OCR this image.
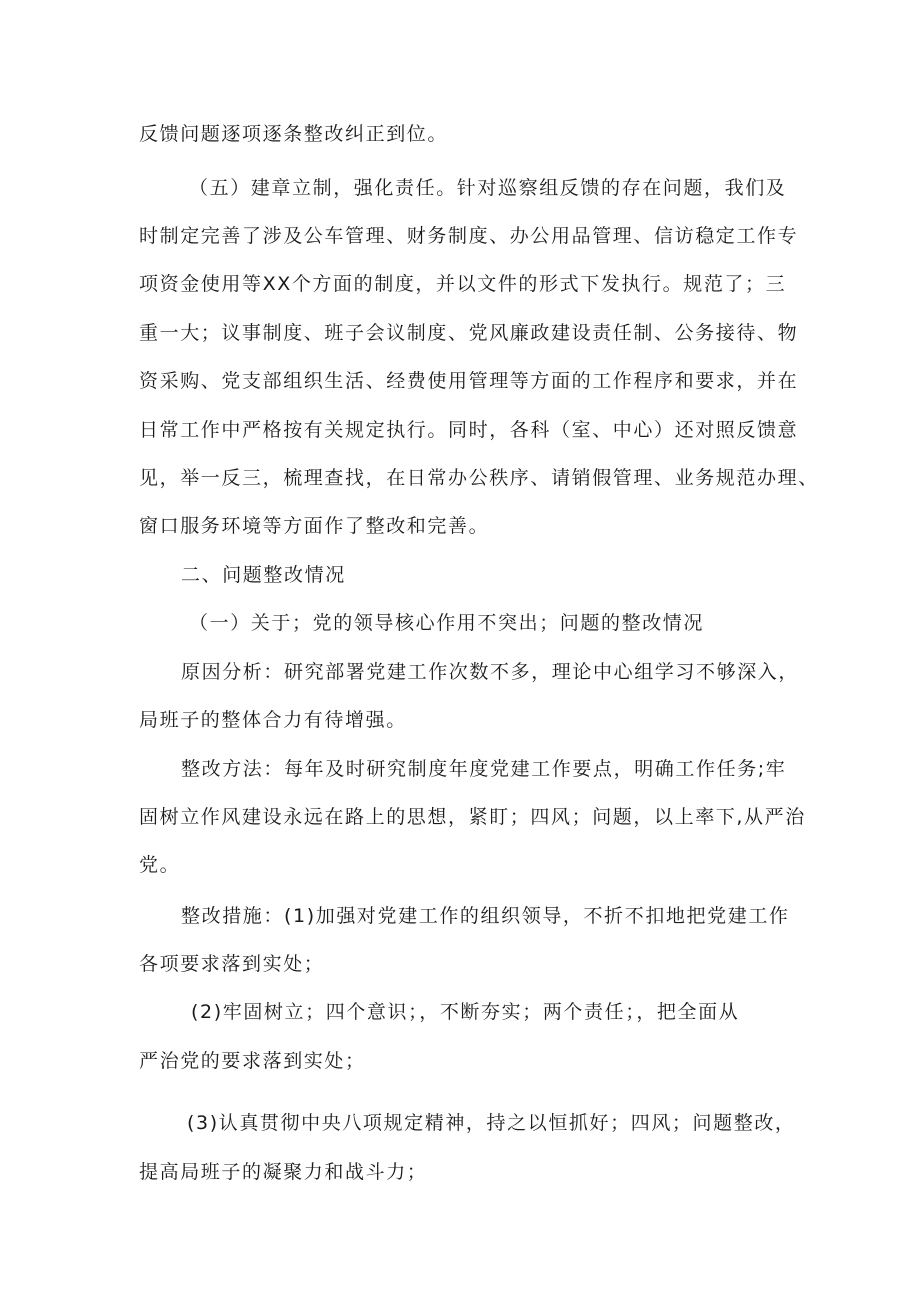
反馈问题逐项逐条整改纠正到位。
（五）建章立制，强化责任。针对巡察组反馈的存在问题，我们及
时制定完善了涉及公车管理、财务制度、办公用品管理、信访稳定工作专
项资金使用等XX个方面的制度，并以文件的形式下发执行。规范了；三
重一大；议事制度、班子会议制度、党风廉政建设责任制、公务接待、物
资采购、党支部组织生活、经费使用管理等方面的工作程序和要求，并在
日常工作中严格按有关规定执行。同时，各科（室、中心）还对照反馈意
见，举一反三，梳理查找，在日常办公秩序、请销假管理、业务规范办理、
窗口服务环境等方面作了整改和完善。
二、问题整改情况
（一）关于；党的领导核心作用不突出；问题的整改情况
原因分析：研究部署党建工作次数不多，理论中心组学习不够深入，
局班子的整体合力有待增强。
整改方法：每年及时研究制度年度党建工作要点，明确工作任务;牢
固树立作风建设永远在路上的思想，紧盯；四风；问题，以上率下,从严治
党。
整改措施：(1)加强对党建工作的组织领导，不折不扣地把党建工作
各项要求落到实处；
(2)牢固树立；四个意识；，不断夯实；两个责任；，把全面从
严治党的要求落到实处；
(3)认真贯彻中央八项规定精神，持之以恒抓好；四风；问题整改，
提高局班子的凝聚力和战斗力；
